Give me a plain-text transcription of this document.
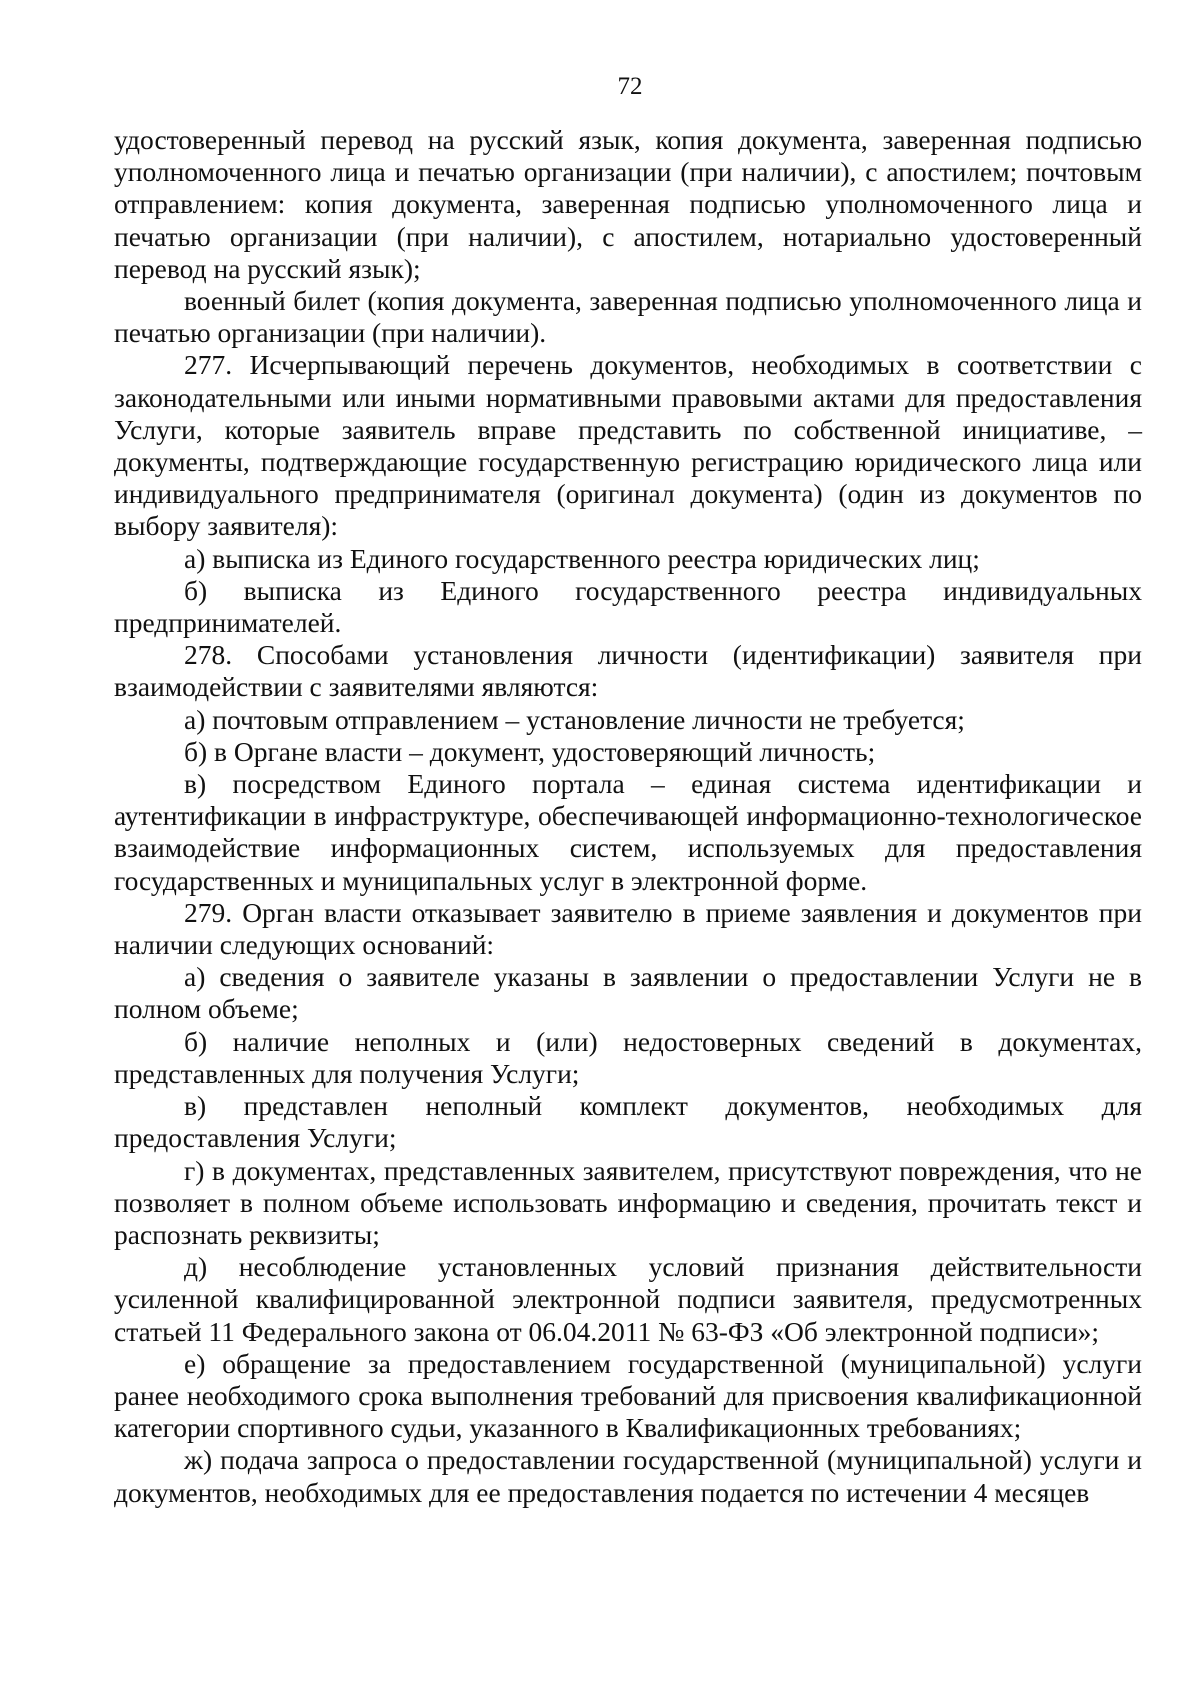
72

удостоверенный перевод на русский язык, копия документа, заверенная подписью уполномоченного лица и печатью организации (при наличии), с апостилем; почтовым отправлением: копия документа, заверенная подписью уполномоченного лица и печатью организации (при наличии), с апостилем, нотариально удостоверенный перевод на русский язык);

военный билет (копия документа, заверенная подписью уполномоченного лица и печатью организации (при наличии).

277. Исчерпывающий перечень документов, необходимых в соответствии с законодательными или иными нормативными правовыми актами для предоставления Услуги, которые заявитель вправе представить по собственной инициативе, – документы, подтверждающие государственную регистрацию юридического лица или индивидуального предпринимателя (оригинал документа) (один из документов по выбору заявителя):

а) выписка из Единого государственного реестра юридических лиц;

б) выписка из Единого государственного реестра индивидуальных предпринимателей.

278. Способами установления личности (идентификации) заявителя при взаимодействии с заявителями являются:

а) почтовым отправлением – установление личности не требуется;

б) в Органе власти – документ, удостоверяющий личность;

в) посредством Единого портала – единая система идентификации и аутентификации в инфраструктуре, обеспечивающей информационно-технологическое взаимодействие информационных систем, используемых для предоставления государственных и муниципальных услуг в электронной форме.

279. Орган власти отказывает заявителю в приеме заявления и документов при наличии следующих оснований:

а) сведения о заявителе указаны в заявлении о предоставлении Услуги не в полном объеме;

б) наличие неполных и (или) недостоверных сведений в документах, представленных для получения Услуги;

в) представлен неполный комплект документов, необходимых для предоставления Услуги;

г) в документах, представленных заявителем, присутствуют повреждения, что не позволяет в полном объеме использовать информацию и сведения, прочитать текст и распознать реквизиты;

д) несоблюдение установленных условий признания действительности усиленной квалифицированной электронной подписи заявителя, предусмотренных статьей 11 Федерального закона от 06.04.2011 № 63-ФЗ «Об электронной подписи»;

е) обращение за предоставлением государственной (муниципальной) услуги ранее необходимого срока выполнения требований для присвоения квалификационной категории спортивного судьи, указанного в Квалификационных требованиях;

ж) подача запроса о предоставлении государственной (муниципальной) услуги и документов, необходимых для ее предоставления подается по истечении 4 месяцев
